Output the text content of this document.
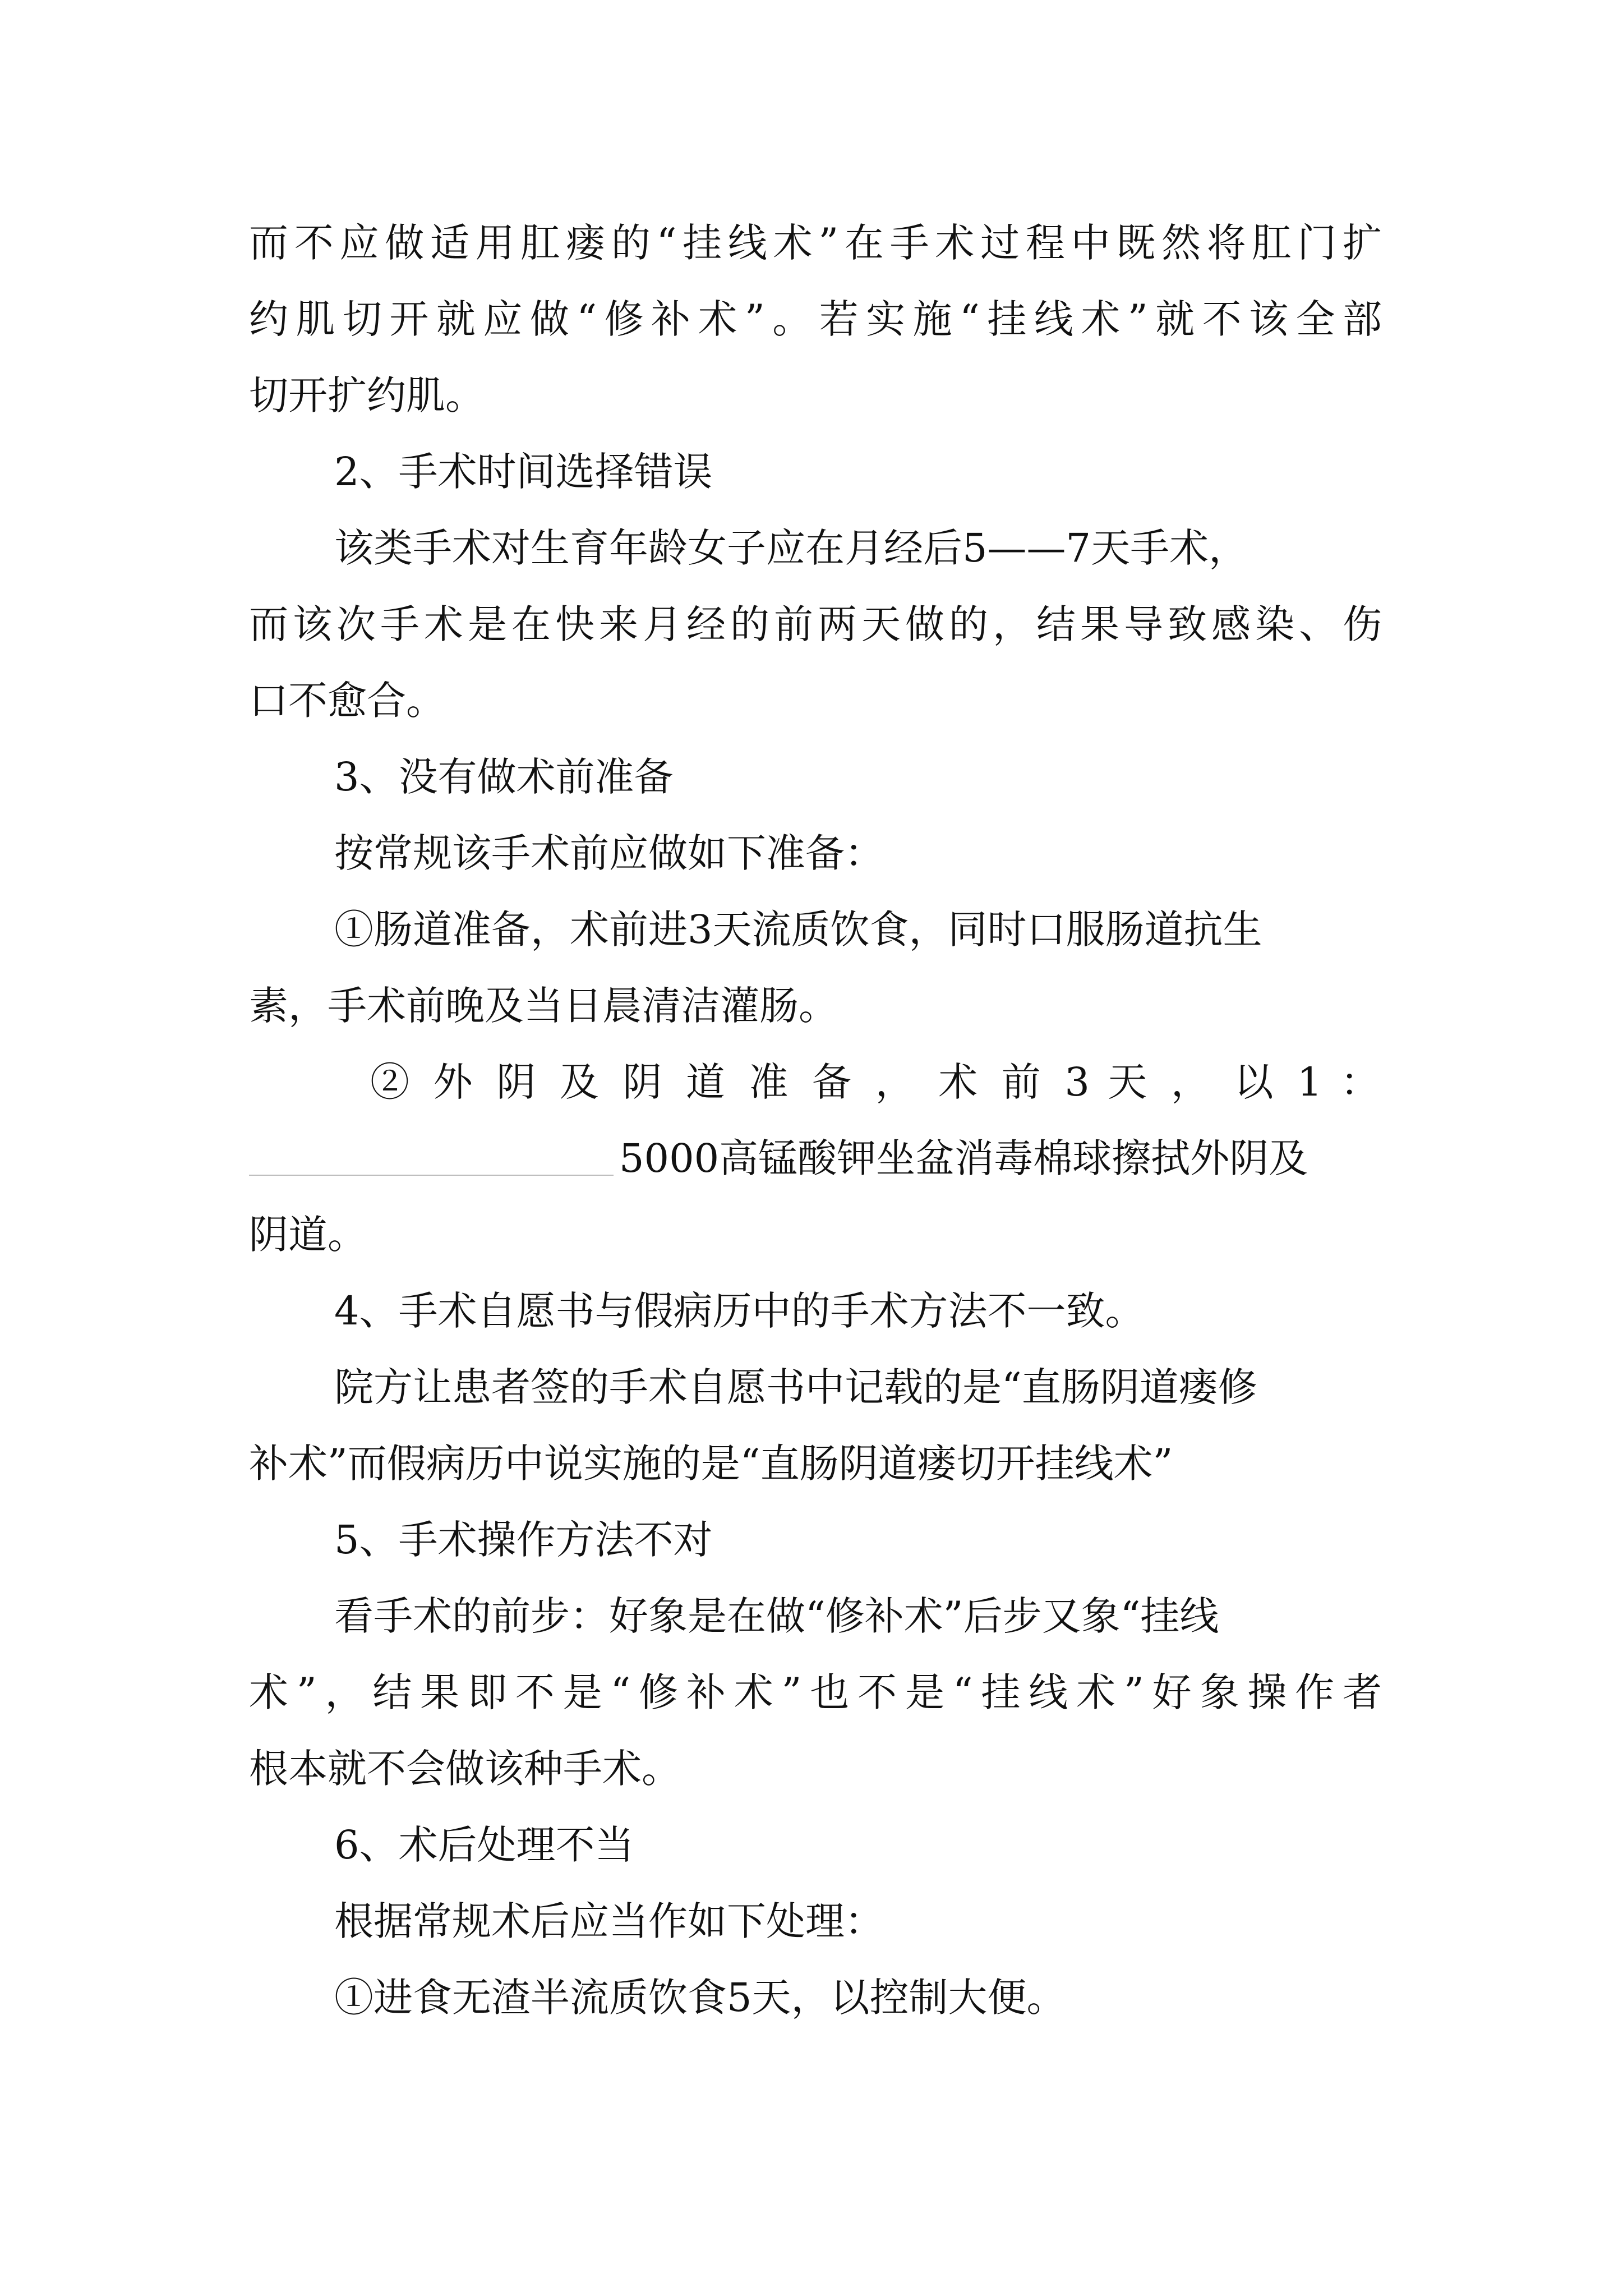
而不应做适用肛瘘的“挂线术”在手术过程中既然将肛门扩
约肌切开就应做“修补术”。若实施“挂线术”就不该全部
切开扩约肌。
2、手术时间选择错误
该类手术对生育年龄女子应在月经后5——7天手术，
而该次手术是在快来月经的前两天做的，结果导致感染、伤
口不愈合。
3、没有做术前准备
按常规该手术前应做如下准备：
①肠道准备，术前进3天流质饮食，同时口服肠道抗生
素，手术前晚及当日晨清洁灌肠。
② 外 阴 及 阴 道 准 备 ， 术 前 3 天 ， 以 1 ：
5000高锰酸钾坐盆消毒棉球擦拭外阴及
阴道。
4、手术自愿书与假病历中的手术方法不一致。
院方让患者签的手术自愿书中记载的是“直肠阴道瘘修
补术”而假病历中说实施的是“直肠阴道瘘切开挂线术”
5、手术操作方法不对
看手术的前步：好象是在做“修补术”后步又象“挂线
术”，结果即不是“修补术”也不是“挂线术”好象操作者
根本就不会做该种手术。
6、术后处理不当
根据常规术后应当作如下处理：
①进食无渣半流质饮食5天，以控制大便。
